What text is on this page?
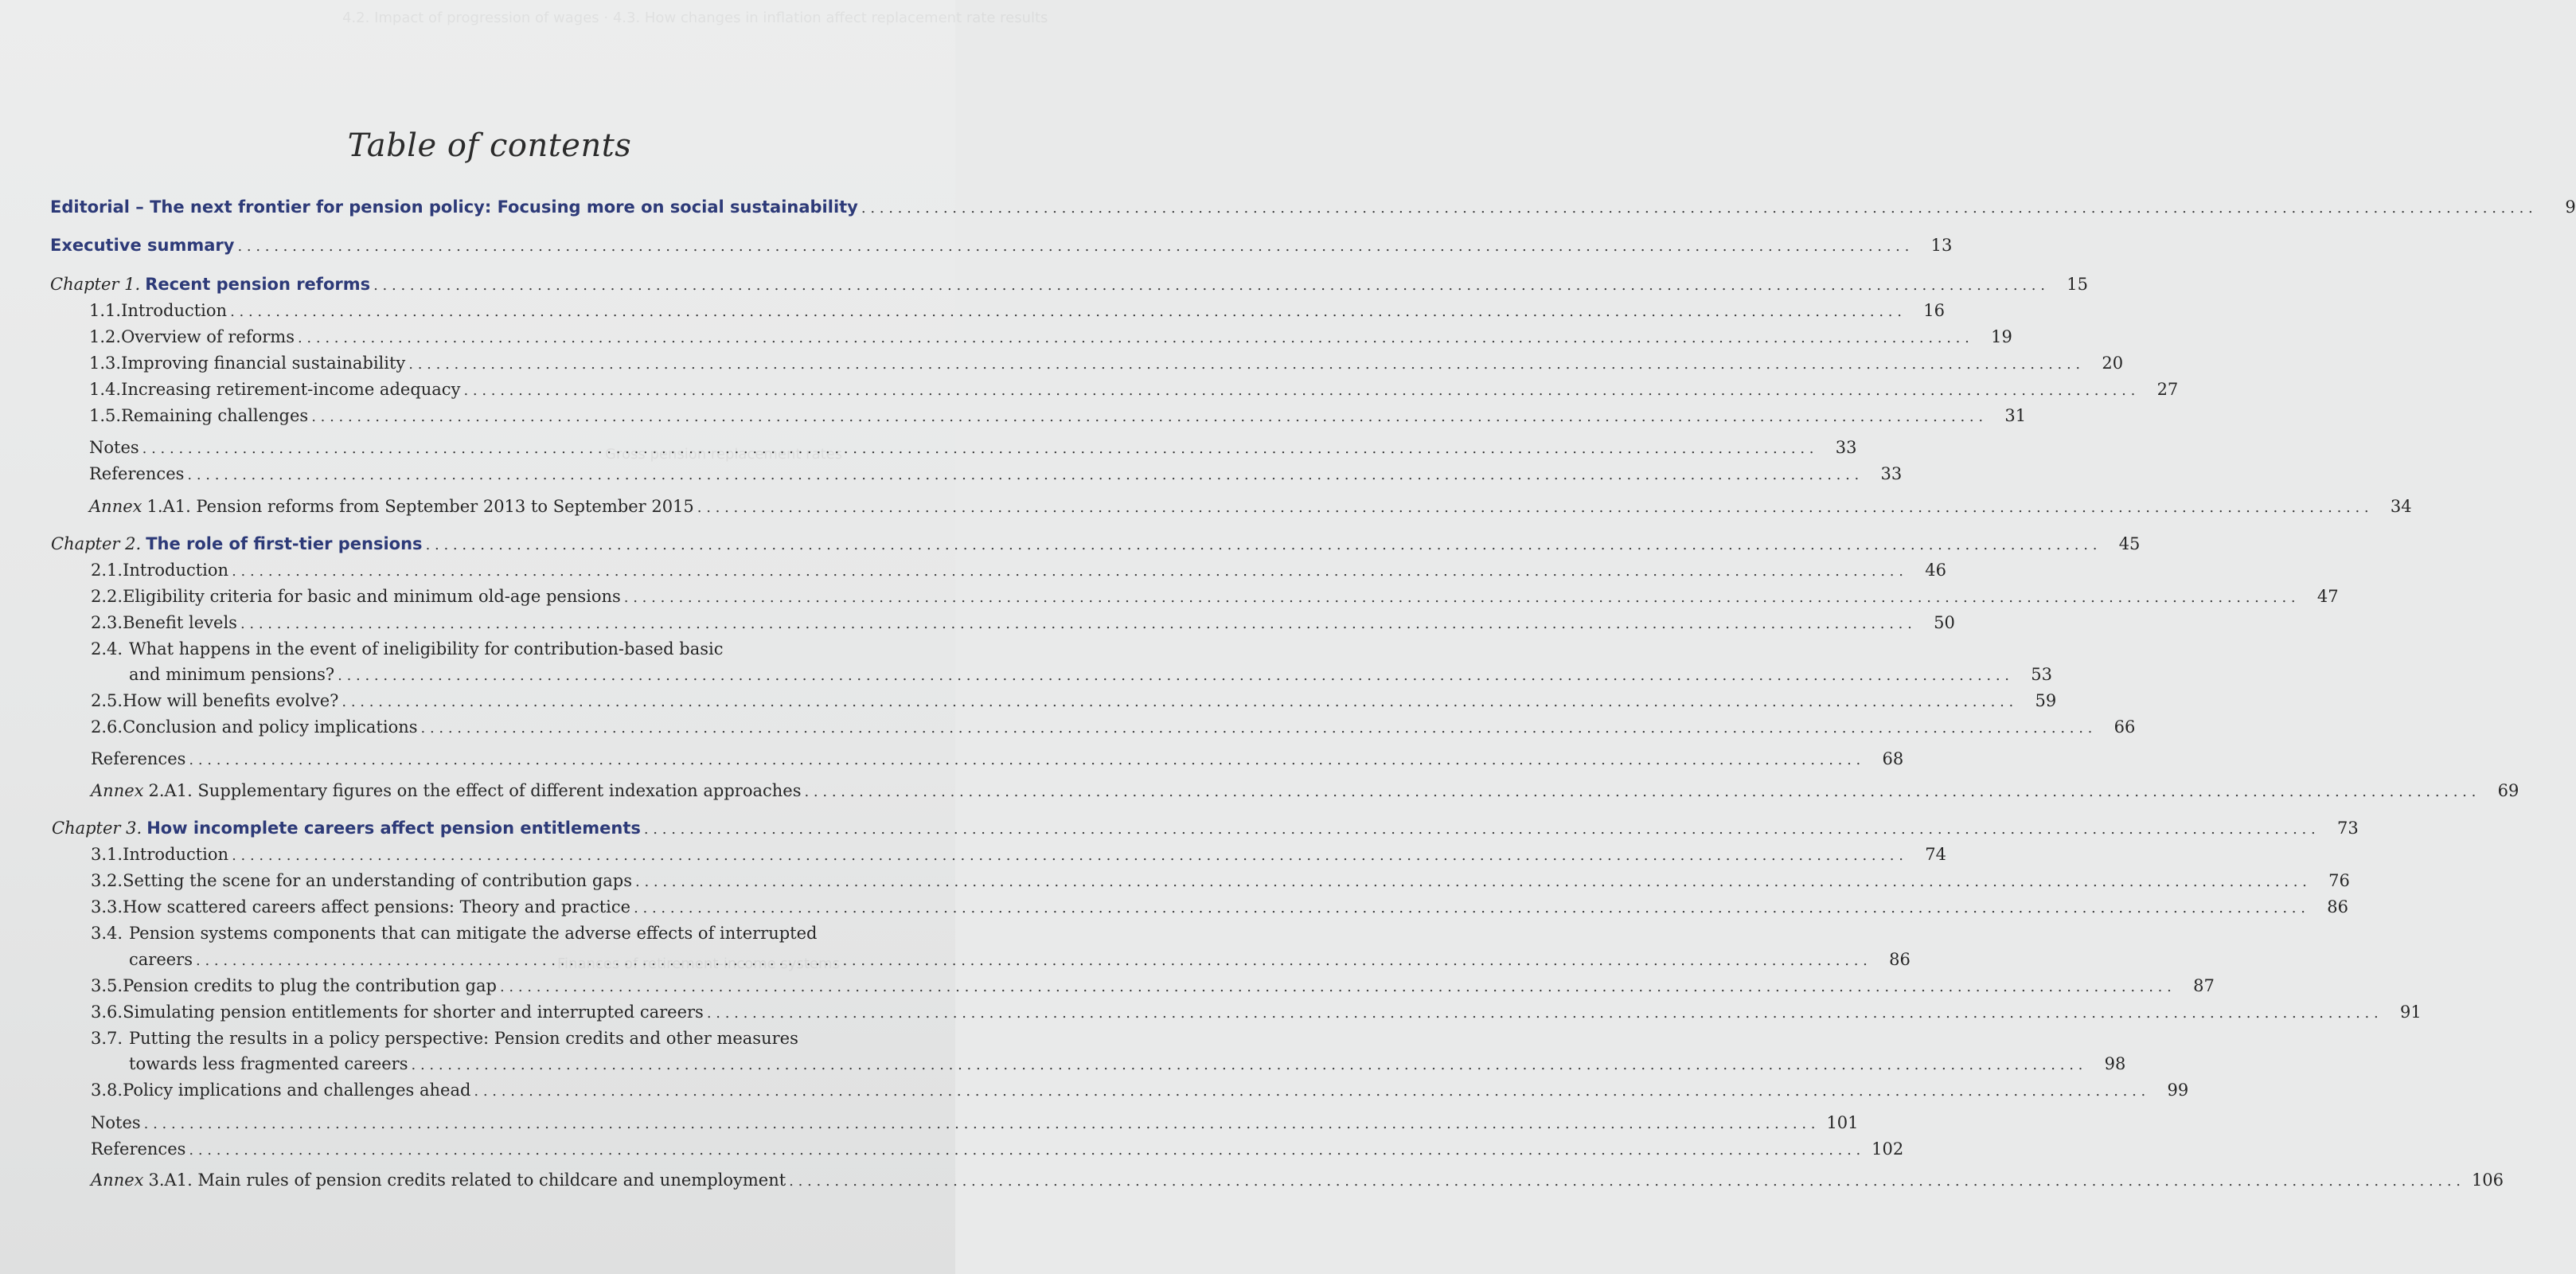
4.2. Impact of progression of wages · 4.3. How changes in inflation affect replacement rate results
Gross pension replacement rates
Finances of retirement-income systems
Table of contents
Editorial – The next frontier for pension policy: Focusing more on social sustainability . . .	9
Executive summary . . .	13
Chapter 1. Recent pension reforms . . .	15
1.1. Introduction . . .	16
1.2. Overview of reforms . . .	19
1.3. Improving financial sustainability . . .	20
1.4. Increasing retirement-income adequacy . . .	27
1.5. Remaining challenges . . .	31
Notes . . .	33
References . . .	33
Annex 1.A1. Pension reforms from September 2013 to September 2015 . . .	34
Chapter 2. The role of first-tier pensions . . .	45
2.1. Introduction . . .	46
2.2. Eligibility criteria for basic and minimum old-age pensions . . .	47
2.3. Benefit levels . . .	50
2.4. What happens in the event of ineligibility for contribution-based basic
and minimum pensions? . . .	53
2.5. How will benefits evolve? . . .	59
2.6. Conclusion and policy implications . . .	66
References . . .	68
Annex 2.A1. Supplementary figures on the effect of different indexation approaches . . .	69
Chapter 3. How incomplete careers affect pension entitlements . . .	73
3.1. Introduction . . .	74
3.2. Setting the scene for an understanding of contribution gaps . . .	76
3.3. How scattered careers affect pensions: Theory and practice . . .	86
3.4. Pension systems components that can mitigate the adverse effects of interrupted
careers . . .	86
3.5. Pension credits to plug the contribution gap . . .	87
3.6. Simulating pension entitlements for shorter and interrupted careers . . .	91
3.7. Putting the results in a policy perspective: Pension credits and other measures
towards less fragmented careers . . .	98
3.8. Policy implications and challenges ahead . . .	99
Notes . . .	101
References . . .	102
Annex 3.A1. Main rules of pension credits related to childcare and unemployment . . .	106
